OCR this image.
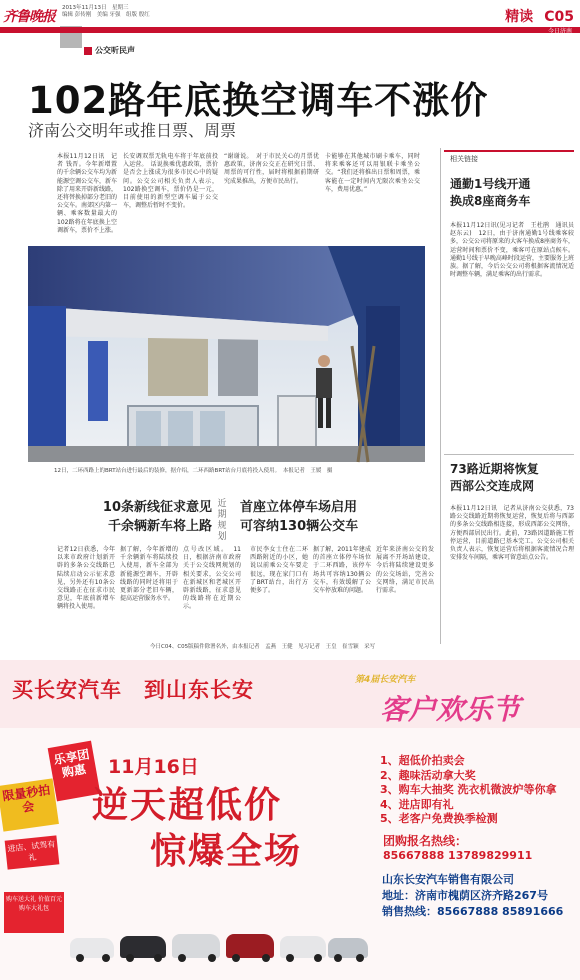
齐鲁晚报
2013年11月13日　星期三
编辑 彭传刚　美编 牙强　组版 殷红	精读 C05
今日济南
公交听民声
102路年底换空调车不涨价
济南公交明年或推日票、周票
本报11月12日讯　记者 钱晋。今年新增置的千余辆公交车均为新能源空调公交车，新车除了用来开辟新线路，还将替换掉部分老旧的公交车。南郊区内第一辆、乘客数量最大的102路将在年底换上空调新车，票价不上涨。
长安调双票无轨电车将于年底前投入运营。　话说换乘优惠政策，票价是否会上涨成为很多市民心中的疑问。公交公司相关负责人表示，102路换空调车，票价仍是一元，目前使用的新型空调车属于公交车，调整后暂时不变价。
“谢谢说。　对于市民关心的月票优惠政策，济南公交正在研究日票、周票的可行性，届时将根据前期研究成果推出，方便市民出行。
卡能够在其他城市刷卡乘车，同时将来乘客还可以用银联卡乘坐公交。“我们还将推出日票和周票，乘客能在一定时间内无限次乘坐公交车，费用优惠。”
12日，二环西路上的BRT站台进行最后的装修，据介绍，二环西路BRT站台月底将投入使用。　本报记者　王媛　摄
10条新线征求意见
千余辆新车将上路
近期规划
首座立体停车场启用
可容纳130辆公交车
记者12日获悉，今年以来市政府计划新开辟的多条公交线路已陆续启动公示征求意见，另外还有10条公交线路正在征求市民意见，年底前新增车辆将投入使用。
据了解，今年新增的千余辆新车将陆续投入使用，新车全部为新能源空调车，开辟线路的同时还将用于更新部分老旧车辆，提高运营服务水平。
点号改区域。　11日，根据济南市政府关于公交线网规划的相关要求，公交公司在新城区和老城区开辟新线路，征求意见的线路将在近期公示。
市民李女士住在二环西路附近的小区，她说以前乘公交车要走很远，现在家门口有了BRT站台，出行方便多了。
据了解，2011年建成的首座立体停车场位于二环西路，该停车场共可容纳130辆公交车，有效缓解了公交车停放难的问题。
近年来济南公交的发展离不开场站建设，今后将陆续建设更多的公交场站，完善公交网络，满足市民出行需求。
相关链接
通勤1号线开通
换成8座商务车
本报11月12日讯(见习记者　王杜鹃　通讯员　赵东云)　12日，由于济南通勤1号线乘客较多，公交公司将原来的大客车换成8座商务车，运营时间和票价不变，乘客可在原站点候车。通勤1号线于早晚高峰时段运营，主要服务上班族。据了解，今后公交公司将根据客流情况适时调整车辆，满足乘客的出行需求。
73路近期将恢复
西部公交连成网
本报11月12日讯　记者从济南公交获悉，73路公交线路近期将恢复运营，恢复后将与西部的多条公交线路相连接，形成西部公交网络，方便西部居民出行。此前，73路因道路施工暂停运营，目前道路已基本完工。公交公司相关负责人表示，恢复运营后将根据客流情况合理安排发车间隔，乘客可留意站点公告。
今日C04、C05版稿件除署名外，由本报记者　孟燕　王健　见习记者　王皇　崔雪颖　采写
买长安汽车　到山东长安	第4届长安汽车
客户欢乐节
乐享团购惠
限量秒拍会
进店、试驾有礼
购车送大礼 价值百元购车大礼包
11月16日
逆天超低价
惊爆全场
1、超低价拍卖会
2、趣味活动拿大奖
3、购车大抽奖 洗衣机微波炉等你拿
4、进店即有礼
5、老客户免费换季检测
团购报名热线：
85667888 13789829911
山东长安汽车销售有限公司
地址：济南市槐荫区济齐路267号
销售热线：85667888 85891666
